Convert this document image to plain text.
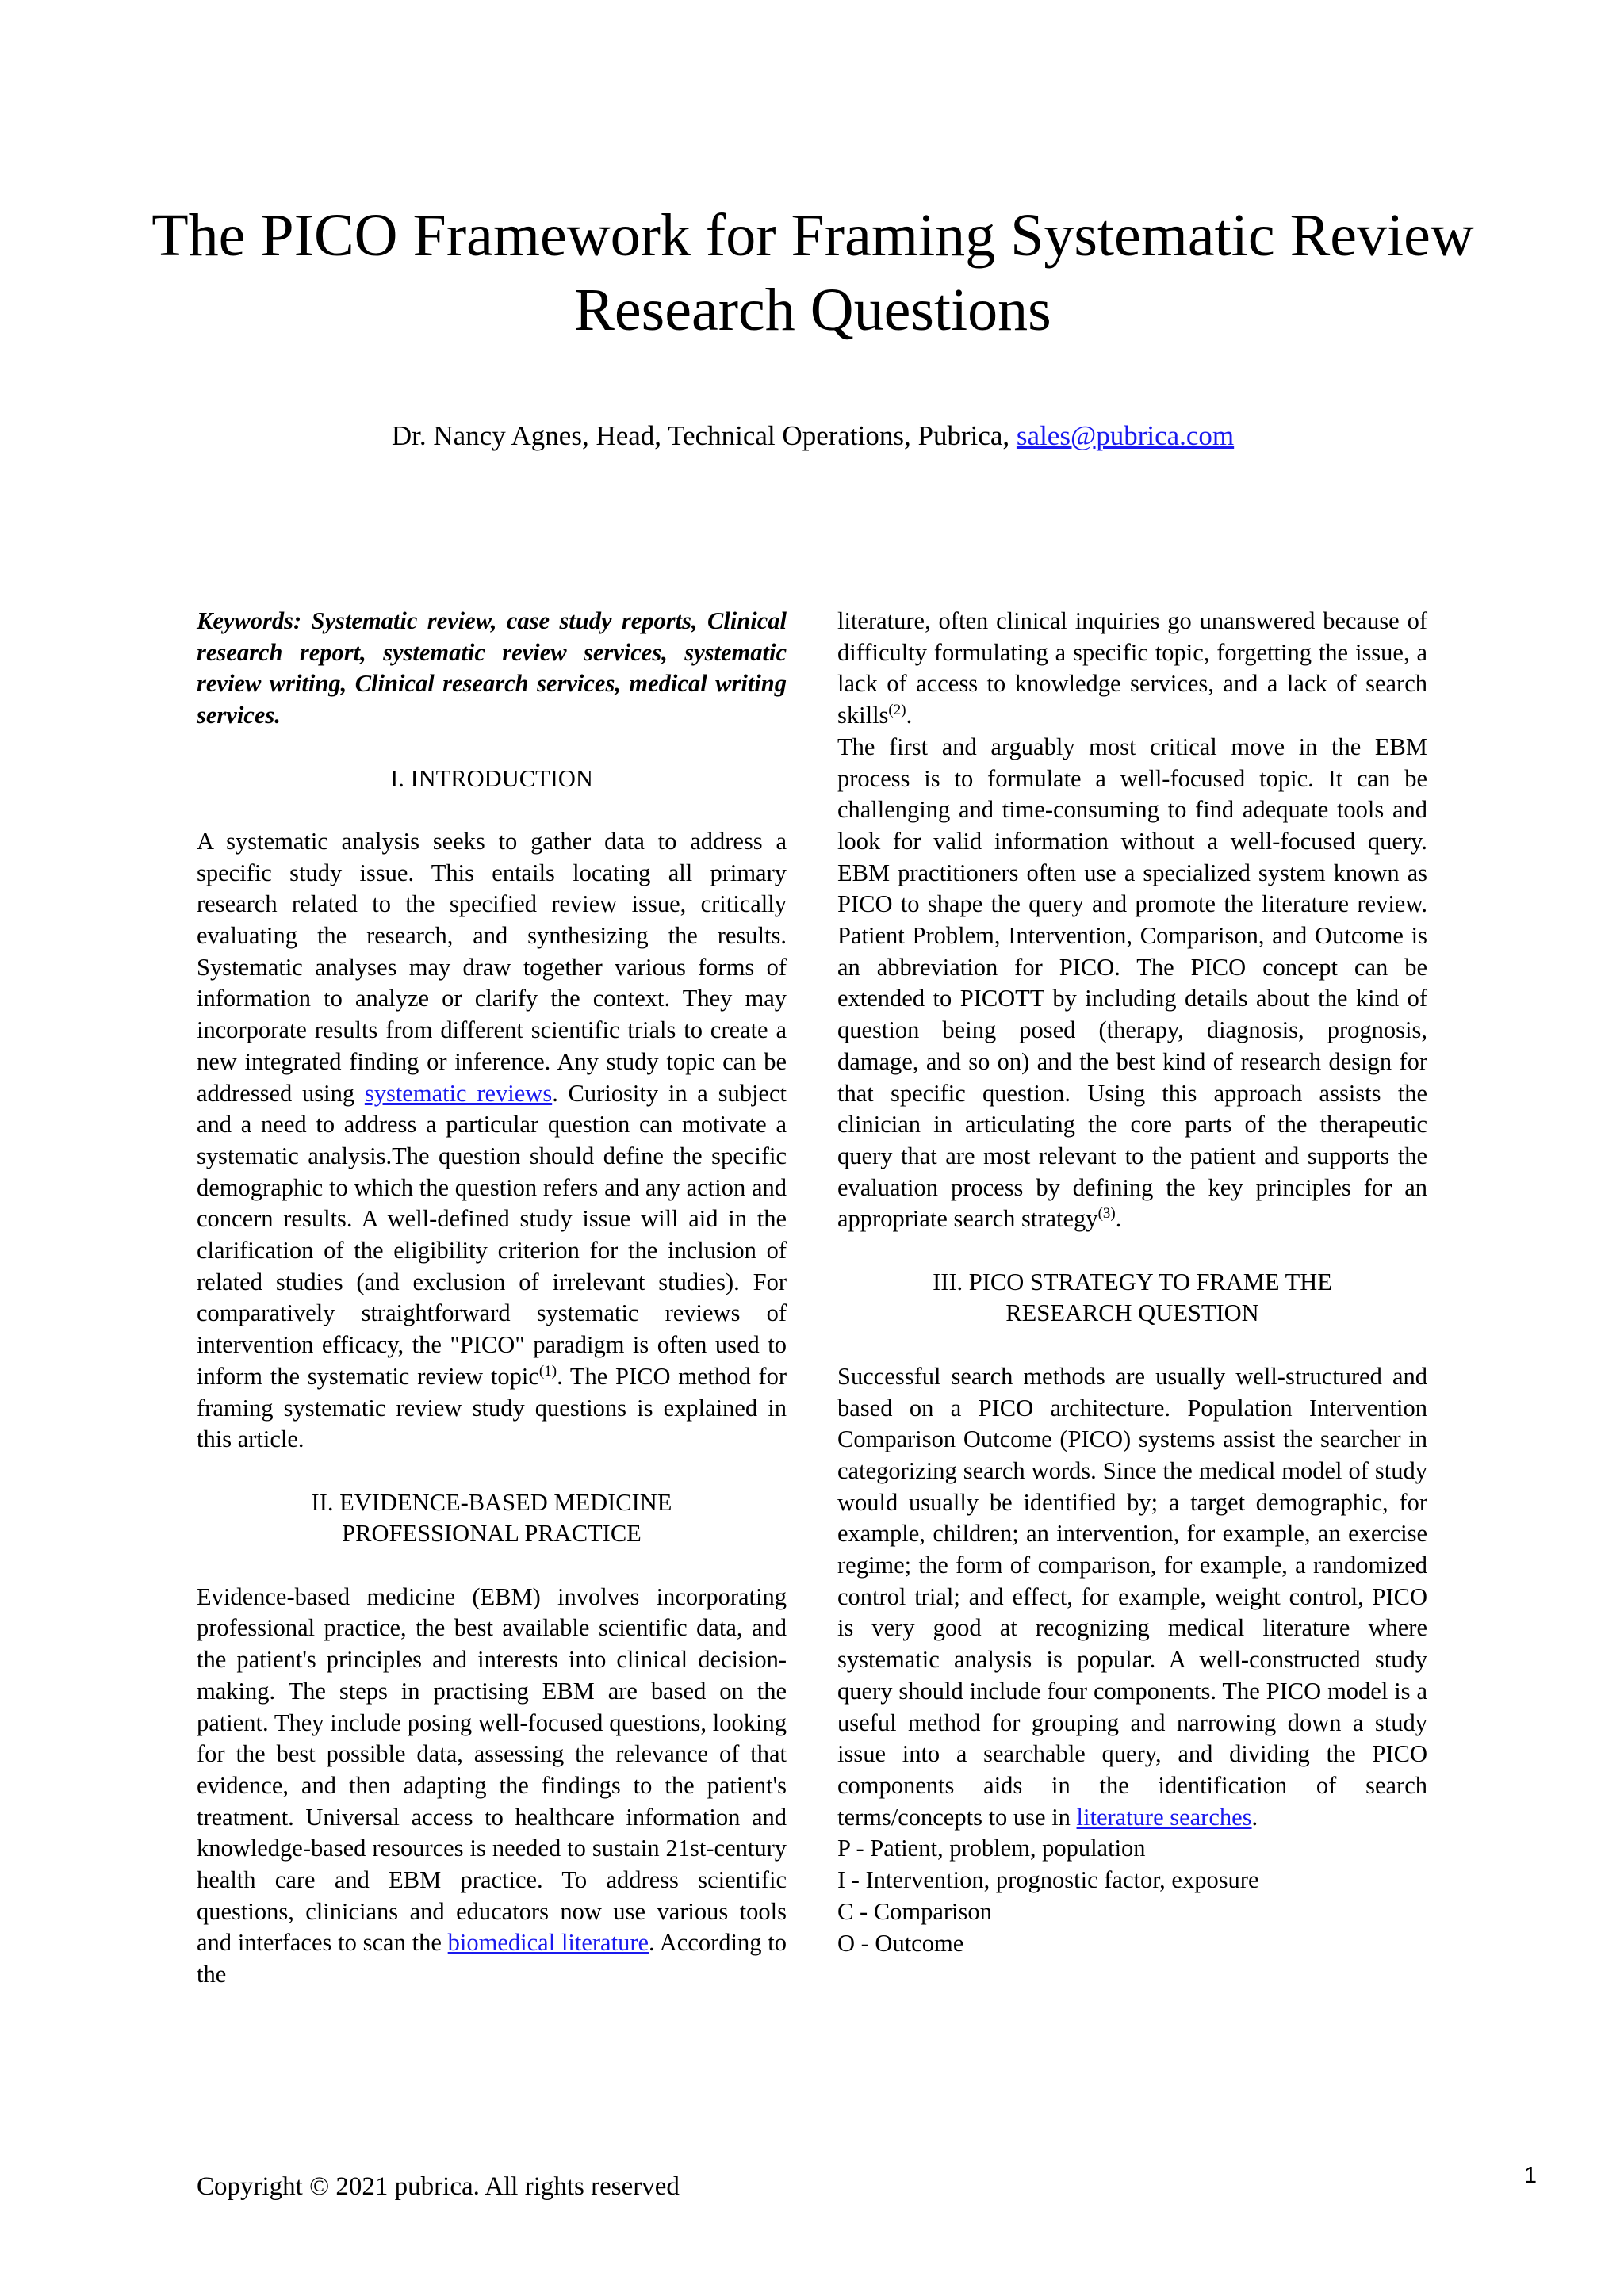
The PICO Framework for Framing Systematic Review Research Questions
Dr. Nancy Agnes, Head, Technical Operations, Pubrica, sales@pubrica.com

Keywords: Systematic review, case study reports, Clinical research report, systematic review services, systematic review writing, Clinical research services, medical writing services.

I. INTRODUCTION

A systematic analysis seeks to gather data to address a specific study issue. This entails locating all primary research related to the specified review issue, critically evaluating the research, and synthesizing the results. Systematic analyses may draw together various forms of information to analyze or clarify the context. They may incorporate results from different scientific trials to create a new integrated finding or inference. Any study topic can be addressed using systematic reviews. Curiosity in a subject and a need to address a particular question can motivate a systematic analysis.The question should define the specific demographic to which the question refers and any action and concern results. A well-defined study issue will aid in the clarification of the eligibility criterion for the inclusion of related studies (and exclusion of irrelevant studies). For comparatively straightforward systematic reviews of intervention efficacy, the "PICO" paradigm is often used to inform the systematic review topic$^{(1)}$. The PICO method for framing systematic review study questions is explained in this article.

II. EVIDENCE-BASED MEDICINE
PROFESSIONAL PRACTICE

Evidence-based medicine (EBM) involves incorporating professional practice, the best available scientific data, and the patient's principles and interests into clinical decision-making. The steps in practising EBM are based on the patient. They include posing well-focused questions, looking for the best possible data, assessing the relevance of that evidence, and then adapting the findings to the patient's treatment. Universal access to healthcare information and knowledge-based resources is needed to sustain 21st-century health care and EBM practice. To address scientific questions, clinicians and educators now use various tools and interfaces to scan the biomedical literature. According to the

literature, often clinical inquiries go unanswered because of difficulty formulating a specific topic, forgetting the issue, a lack of access to knowledge services, and a lack of search skills$^{(2)}$.

The first and arguably most critical move in the EBM process is to formulate a well-focused topic. It can be challenging and time-consuming to find adequate tools and look for valid information without a well-focused query. EBM practitioners often use a specialized system known as PICO to shape the query and promote the literature review. Patient Problem, Intervention, Comparison, and Outcome is an abbreviation for PICO. The PICO concept can be extended to PICOTT by including details about the kind of question being posed (therapy, diagnosis, prognosis, damage, and so on) and the best kind of research design for that specific question. Using this approach assists the clinician in articulating the core parts of the therapeutic query that are most relevant to the patient and supports the evaluation process by defining the key principles for an appropriate search strategy$^{(3)}$.

III. PICO STRATEGY TO FRAME THE
RESEARCH QUESTION

Successful search methods are usually well-structured and based on a PICO architecture. Population Intervention Comparison Outcome (PICO) systems assist the searcher in categorizing search words. Since the medical model of study would usually be identified by; a target demographic, for example, children; an intervention, for example, an exercise regime; the form of comparison, for example, a randomized control trial; and effect, for example, weight control, PICO is very good at recognizing medical literature where systematic analysis is popular. A well-constructed study query should include four components. The PICO model is a useful method for grouping and narrowing down a study issue into a searchable query, and dividing the PICO components aids in the identification of search terms/concepts to use in literature searches.

P - Patient, problem, population

I - Intervention, prognostic factor, exposure

C - Comparison

O - Outcome

Copyright © 2021 pubrica. All rights reserved	1
